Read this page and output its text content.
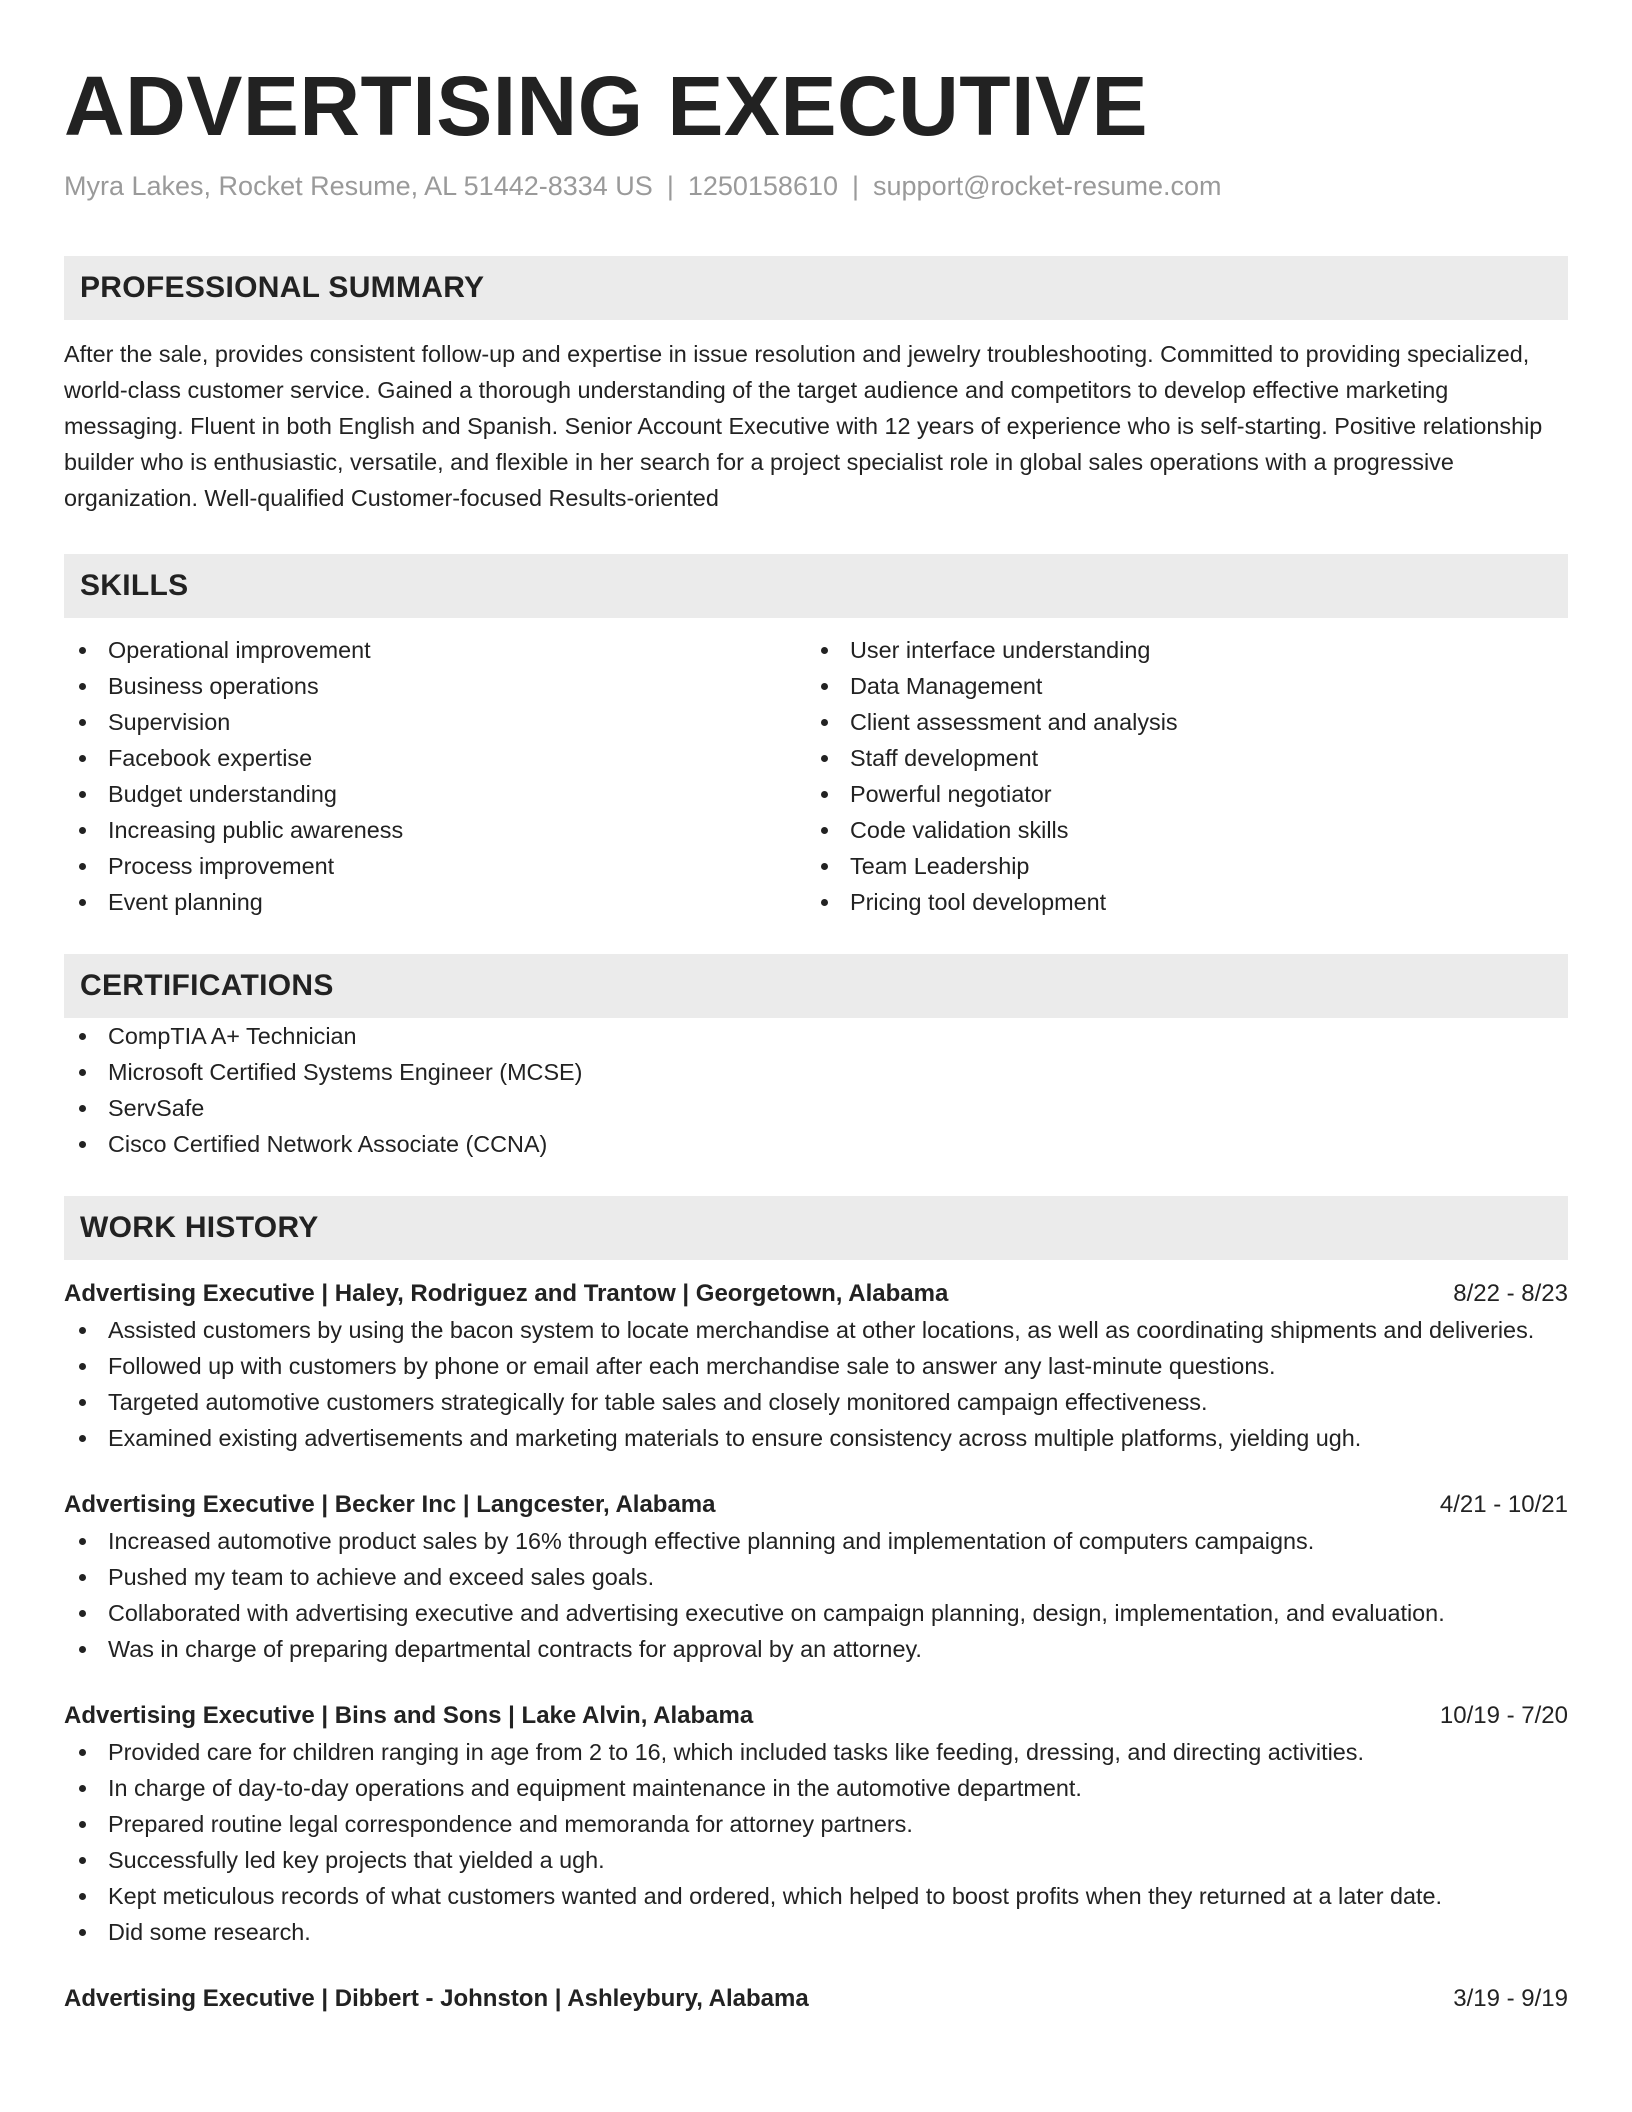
ADVERTISING EXECUTIVE
Myra Lakes, Rocket Resume, AL 51442-8334 US | 1250158610 | support@rocket-resume.com
PROFESSIONAL SUMMARY
After the sale, provides consistent follow-up and expertise in issue resolution and jewelry troubleshooting. Committed to providing specialized, world-class customer service. Gained a thorough understanding of the target audience and competitors to develop effective marketing messaging. Fluent in both English and Spanish. Senior Account Executive with 12 years of experience who is self-starting. Positive relationship builder who is enthusiastic, versatile, and flexible in her search for a project specialist role in global sales operations with a progressive organization. Well-qualified Customer-focused Results-oriented
SKILLS
Operational improvement
Business operations
Supervision
Facebook expertise
Budget understanding
Increasing public awareness
Process improvement
Event planning
User interface understanding
Data Management
Client assessment and analysis
Staff development
Powerful negotiator
Code validation skills
Team Leadership
Pricing tool development
CERTIFICATIONS
CompTIA A+ Technician
Microsoft Certified Systems Engineer (MCSE)
ServSafe
Cisco Certified Network Associate (CCNA)
WORK HISTORY
Advertising Executive | Haley, Rodriguez and Trantow | Georgetown, Alabama	8/22 - 8/23
Assisted customers by using the bacon system to locate merchandise at other locations, as well as coordinating shipments and deliveries.
Followed up with customers by phone or email after each merchandise sale to answer any last-minute questions.
Targeted automotive customers strategically for table sales and closely monitored campaign effectiveness.
Examined existing advertisements and marketing materials to ensure consistency across multiple platforms, yielding ugh.
Advertising Executive | Becker Inc | Langcester, Alabama	4/21 - 10/21
Increased automotive product sales by 16% through effective planning and implementation of computers campaigns.
Pushed my team to achieve and exceed sales goals.
Collaborated with advertising executive and advertising executive on campaign planning, design, implementation, and evaluation.
Was in charge of preparing departmental contracts for approval by an attorney.
Advertising Executive | Bins and Sons | Lake Alvin, Alabama	10/19 - 7/20
Provided care for children ranging in age from 2 to 16, which included tasks like feeding, dressing, and directing activities.
In charge of day-to-day operations and equipment maintenance in the automotive department.
Prepared routine legal correspondence and memoranda for attorney partners.
Successfully led key projects that yielded a ugh.
Kept meticulous records of what customers wanted and ordered, which helped to boost profits when they returned at a later date.
Did some research.
Advertising Executive | Dibbert - Johnston | Ashleybury, Alabama	3/19 - 9/19
